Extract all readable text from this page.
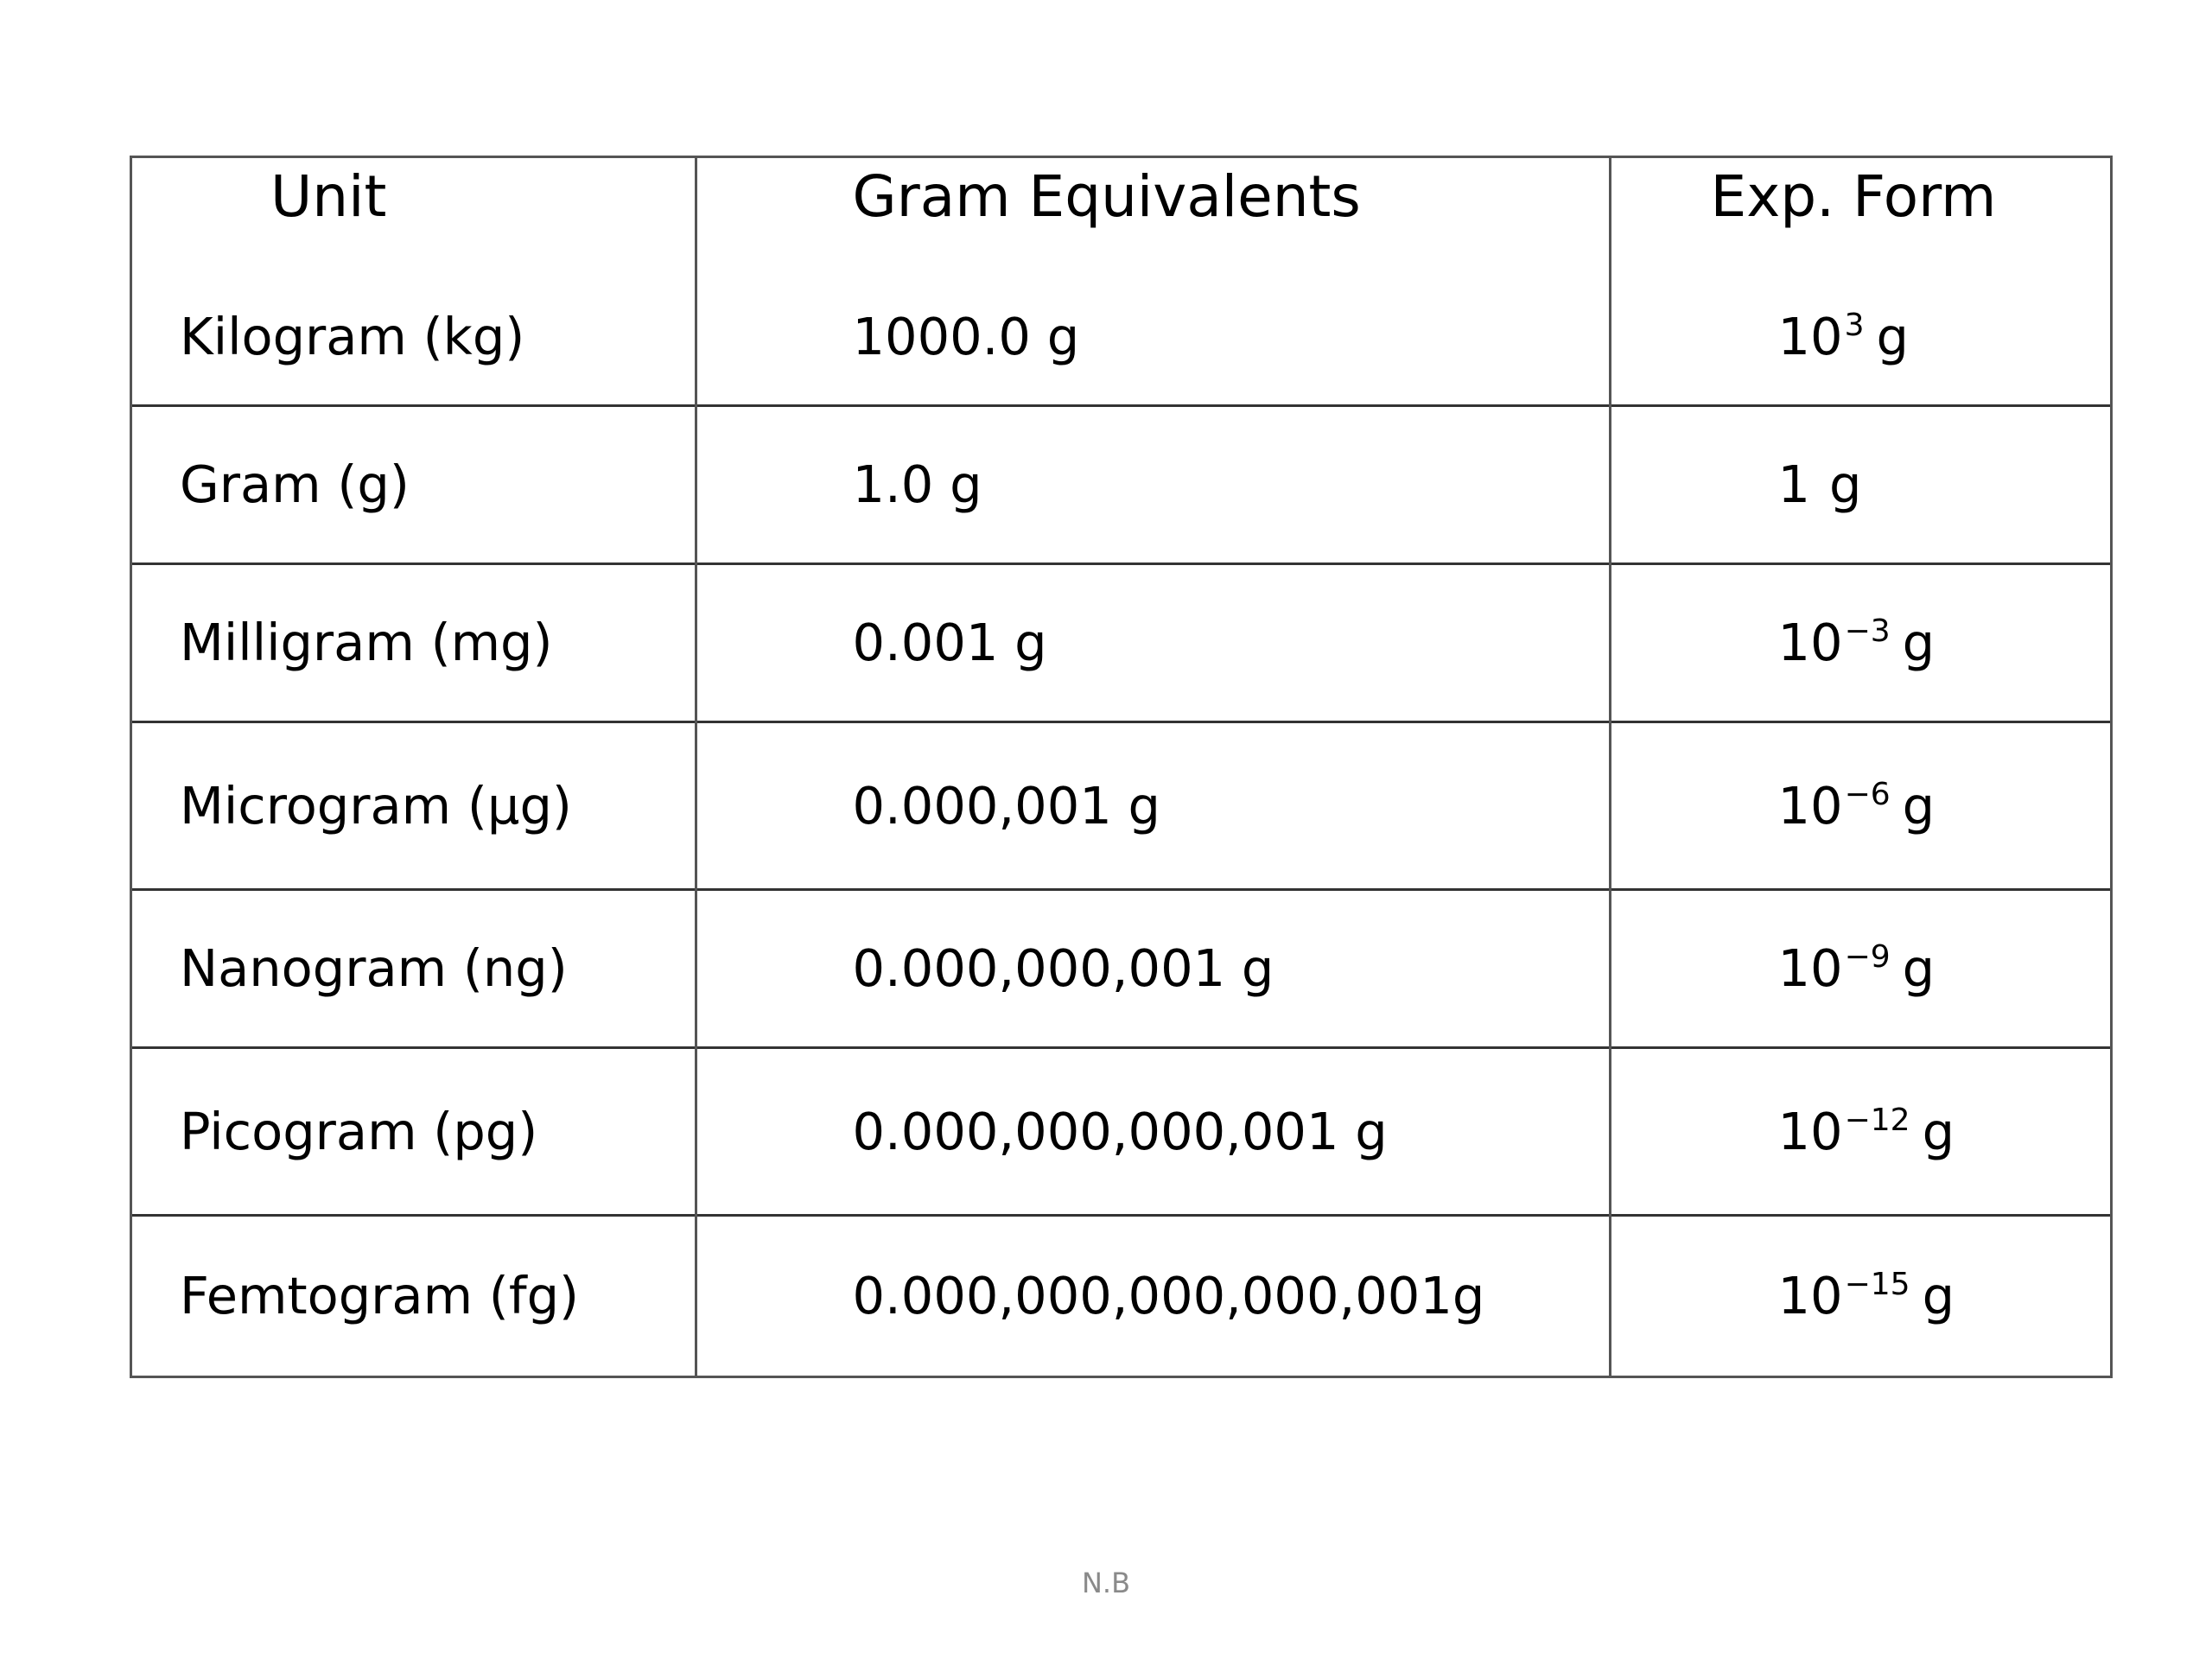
Unit	Gram Equivalents	Exp. Form
Kilogram (kg)	1000.0 g	$10^3$ g
Gram (g)	1.0 g	1 g
Milligram (mg)	0.001 g	$10^{-3}$ g
Microgram (µg)	0.000,001 g	$10^{-6}$ g
Nanogram (ng)	0.000,000,001 g	$10^{-9}$ g
Picogram (pg)	0.000,000,000,001 g	$10^{-12}$ g
Femtogram (fg)	0.000,000,000,000,001g	$10^{-15}$ g
N.B
